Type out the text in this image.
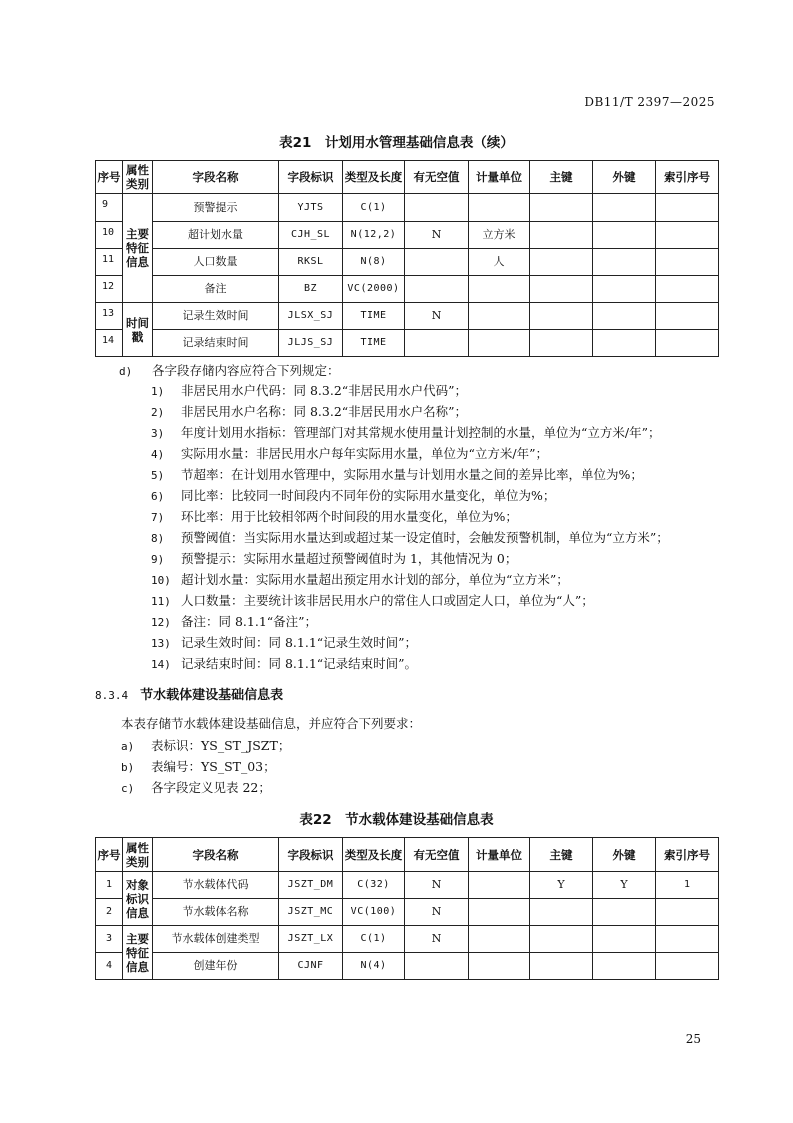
DB11/T 2397—2025
表21　计划用水管理基础信息表（续）
序号	属性类别	字段名称	字段标识	类型及长度	有无空值	计量单位	主键	外键	索引序号
9	主要特征信息	预警提示	YJTS	C(1)					
10		超计划水量	CJH_SL	N(12,2)	N	立方米			
11		人口数量	RKSL	N(8)		人			
12		备注	BZ	VC(2000)					
13	时间戳	记录生效时间	JLSX_SJ	TIME	N				
14		记录结束时间	JLJS_SJ	TIME					
d) 各字段存储内容应符合下列规定：
1) 非居民用水户代码：同 8.3.2“非居民用水户代码”；
2) 非居民用水户名称：同 8.3.2“非居民用水户名称”；
3) 年度计划用水指标：管理部门对其常规水使用量计划控制的水量，单位为“立方米/年”；
4) 实际用水量：非居民用水户每年实际用水量，单位为“立方米/年”；
5) 节超率：在计划用水管理中，实际用水量与计划用水量之间的差异比率，单位为%；
6) 同比率：比较同一时间段内不同年份的实际用水量变化，单位为%；
7) 环比率：用于比较相邻两个时间段的用水量变化，单位为%；
8) 预警阈值：当实际用水量达到或超过某一设定值时，会触发预警机制，单位为“立方米”；
9) 预警提示：实际用水量超过预警阈值时为 1，其他情况为 0；
10) 超计划水量：实际用水量超出预定用水计划的部分，单位为“立方米”；
11) 人口数量：主要统计该非居民用水户的常住人口或固定人口，单位为“人”；
12) 备注：同 8.1.1“备注”；
13) 记录生效时间：同 8.1.1“记录生效时间”；
14) 记录结束时间：同 8.1.1“记录结束时间”。
8.3.4 节水载体建设基础信息表
本表存储节水载体建设基础信息，并应符合下列要求：
a) 表标识：YS_ST_JSZT；
b) 表编号：YS_ST_03；
c) 各字段定义见表 22；
表22　节水载体建设基础信息表
序号	属性类别	字段名称	字段标识	类型及长度	有无空值	计量单位	主键	外键	索引序号
1	对象标识信息	节水载体代码	JSZT_DM	C(32)	N		Y	Y	1
2		节水载体名称	JSZT_MC	VC(100)	N				
3	主要特征信息	节水载体创建类型	JSZT_LX	C(1)	N				
4		创建年份	CJNF	N(4)					
25
